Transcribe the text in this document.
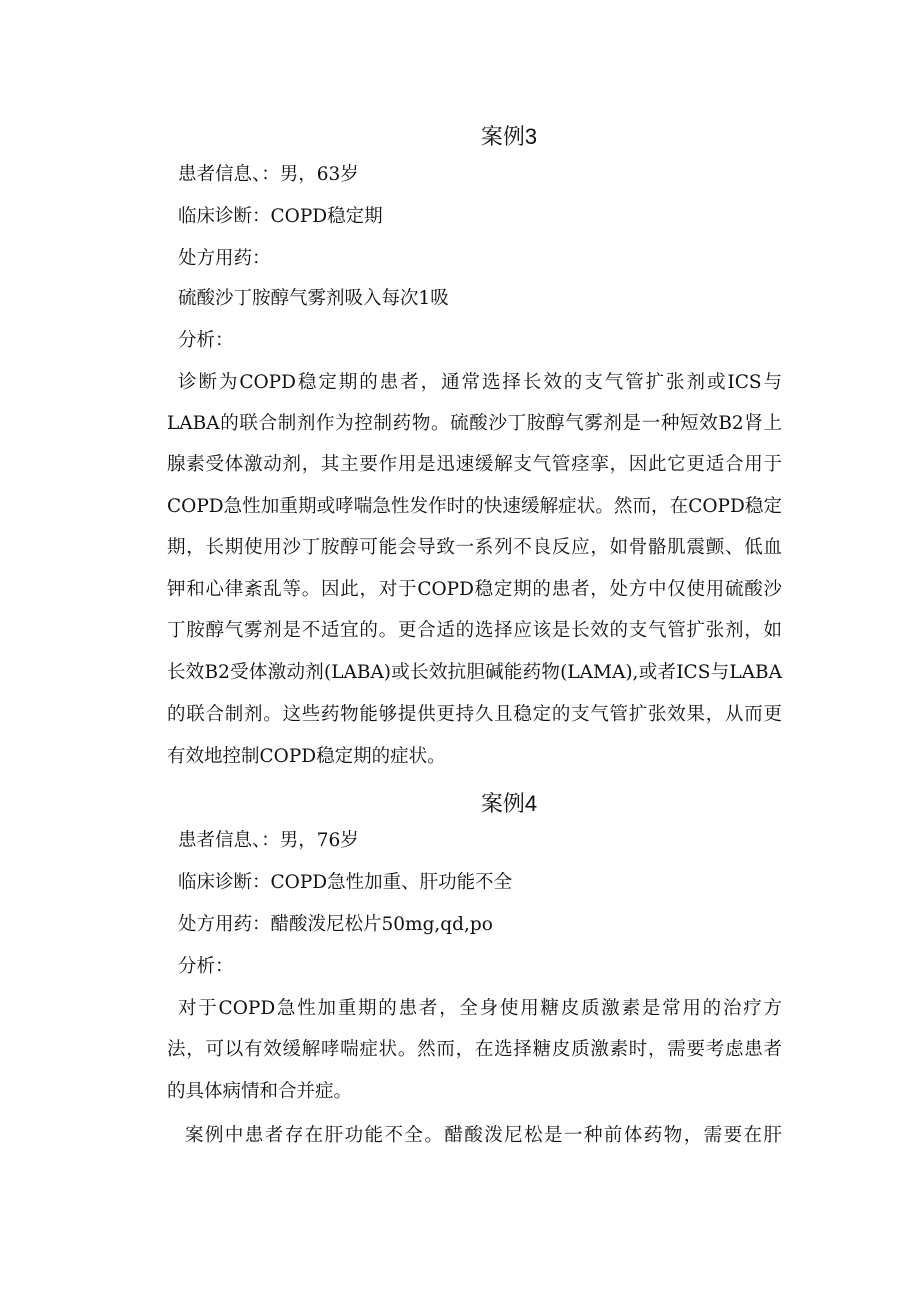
案例3
患者信息、：男，63岁
临床诊断：COPD稳定期
处方用药：
硫酸沙丁胺醇气雾剂吸入每次1吸
分析：
诊断为COPD稳定期的患者，通常选择长效的支气管扩张剂或ICS与
LABA的联合制剂作为控制药物。硫酸沙丁胺醇气雾剂是一种短效B2肾上
腺素受体激动剂，其主要作用是迅速缓解支气管痉挛，因此它更适合用于
COPD急性加重期或哮喘急性发作时的快速缓解症状。然而，在COPD稳定
期，长期使用沙丁胺醇可能会导致一系列不良反应，如骨骼肌震颤、低血
钾和心律紊乱等。因此，对于COPD稳定期的患者，处方中仅使用硫酸沙
丁胺醇气雾剂是不适宜的。更合适的选择应该是长效的支气管扩张剂，如
长效B2受体激动剂(LABA)或长效抗胆碱能药物(LAMA),或者ICS与LABA
的联合制剂。这些药物能够提供更持久且稳定的支气管扩张效果，从而更
有效地控制COPD稳定期的症状。
案例4
患者信息、：男，76岁
临床诊断：COPD急性加重、肝功能不全
处方用药：醋酸泼尼松片50mg,qd,po
分析：
对于COPD急性加重期的患者，全身使用糖皮质激素是常用的治疗方
法，可以有效缓解哮喘症状。然而，在选择糖皮质激素时，需要考虑患者
的具体病情和合并症。
案例中患者存在肝功能不全。醋酸泼尼松是一种前体药物，需要在肝
